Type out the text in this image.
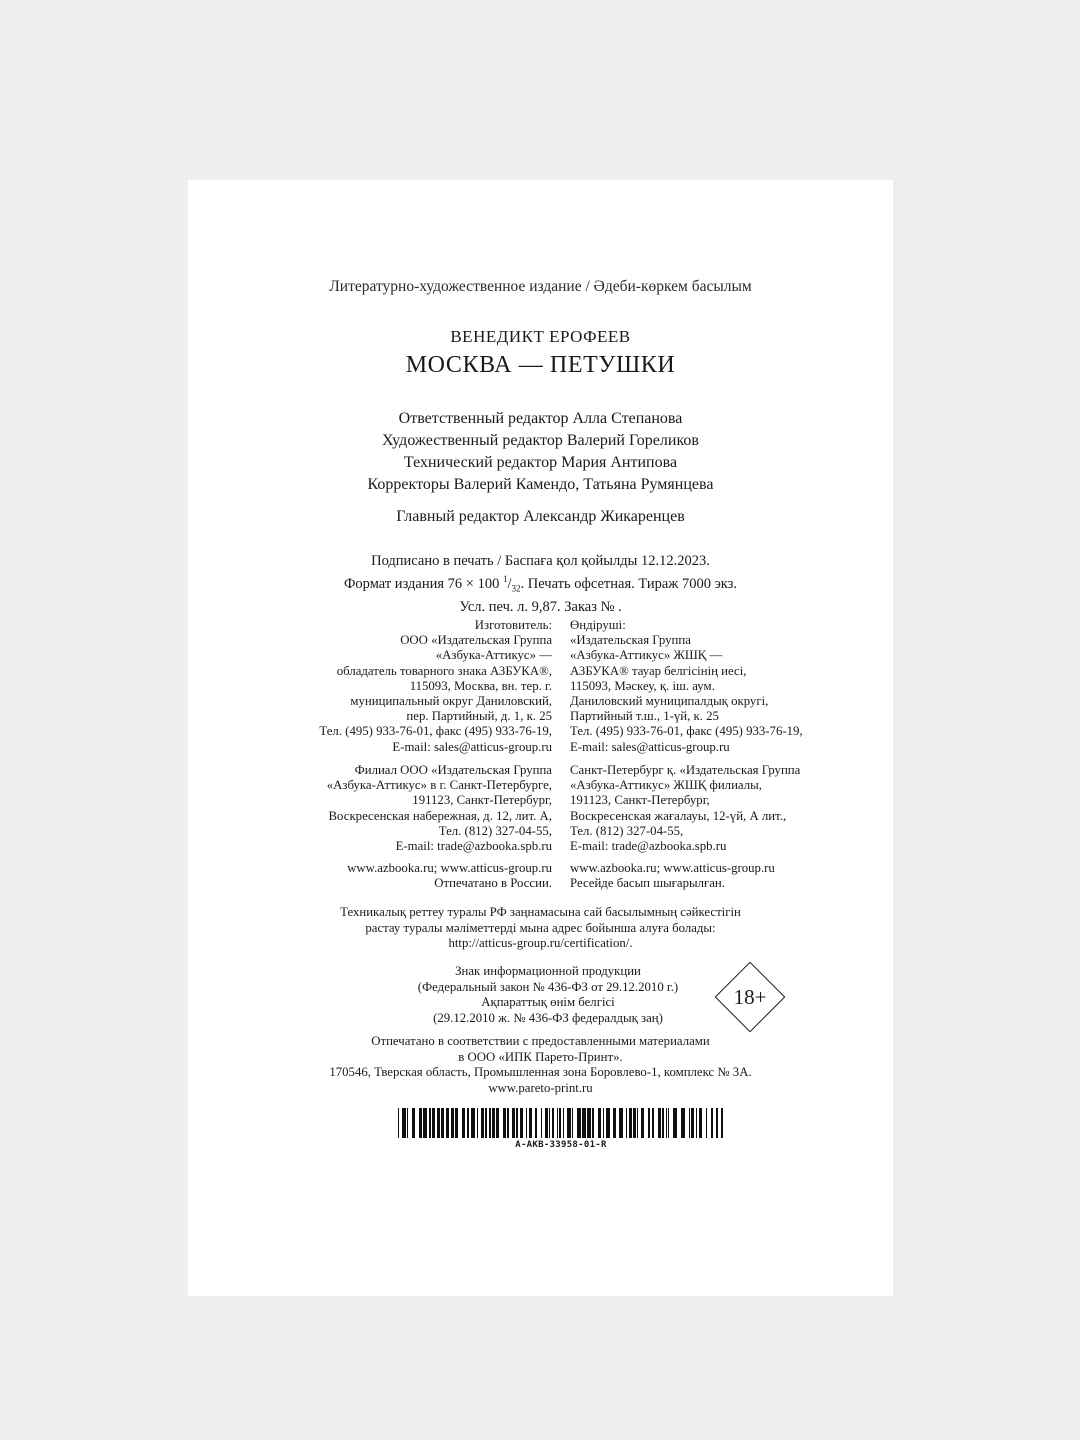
Литературно-художественное издание / Әдеби-көркем басылым
ВЕНЕДИКТ ЕРОФЕЕВ
МОСКВА — ПЕТУШКИ
Ответственный редактор Алла Степанова
Художественный редактор Валерий Гореликов
Технический редактор Мария Антипова
Корректоры Валерий Камендо, Татьяна Румянцева
Главный редактор Александр Жикаренцев
Подписано в печать / Баспаға қол қойылды 12.12.2023.
Формат издания 76 × 100 $^1/_{32}$. Печать офсетная. Тираж 7000 экз.
Усл. печ. л. 9,87. Заказ № .
Изготовитель:
ООО «Издательская Группа
«Азбука-Аттикус» —
обладатель товарного знака АЗБУКА®,
115093, Москва, вн. тер. г.
муниципальный округ Даниловский,
пер. Партийный, д. 1, к. 25
Тел. (495) 933-76-01, факс (495) 933-76-19,
E-mail: sales@atticus-group.ru
Өндіруші:
«Издательская Группа
«Азбука-Аттикус» ЖШҚ —
АЗБУКА® тауар белгісінің иесі,
115093, Мәскеу, қ. іш. аум.
Даниловский муниципалдық округі,
Партийный т.ш., 1-үй, к. 25
Тел. (495) 933-76-01, факс (495) 933-76-19,
E-mail: sales@atticus-group.ru
Филиал ООО «Издательская Группа
«Азбука-Аттикус» в г. Санкт-Петербурге,
191123, Санкт-Петербург,
Воскресенская набережная, д. 12, лит. А,
Тел. (812) 327-04-55,
E-mail: trade@azbooka.spb.ru
Санкт-Петербург қ. «Издательская Группа
«Азбука-Аттикус» ЖШҚ филиалы,
191123, Санкт-Петербург,
Воскресенская жағалауы, 12-үй, А лит.,
Тел. (812) 327-04-55,
E-mail: trade@azbooka.spb.ru
www.azbooka.ru; www.atticus-group.ru
Отпечатано в России.
www.azbooka.ru; www.atticus-group.ru
Ресейде басып шығарылған.
Техникалық реттеу туралы РФ заңнамасына сай басылымның сәйкестігін
растау туралы мәліметтерді мына адрес бойынша алуға болады:
http://atticus-group.ru/certification/.
Знак информационной продукции
(Федеральный закон № 436-ФЗ от 29.12.2010 г.)
Ақпараттық өнім белгісі
(29.12.2010 ж. № 436-ФЗ федералдық заң)
18+
Отпечатано в соответствии с предоставленными материалами
в ООО «ИПК Парето-Принт».
170546, Тверская область, Промышленная зона Боровлево-1, комплекс № 3А.
www.pareto-print.ru
A-AKB-33958-01-R
